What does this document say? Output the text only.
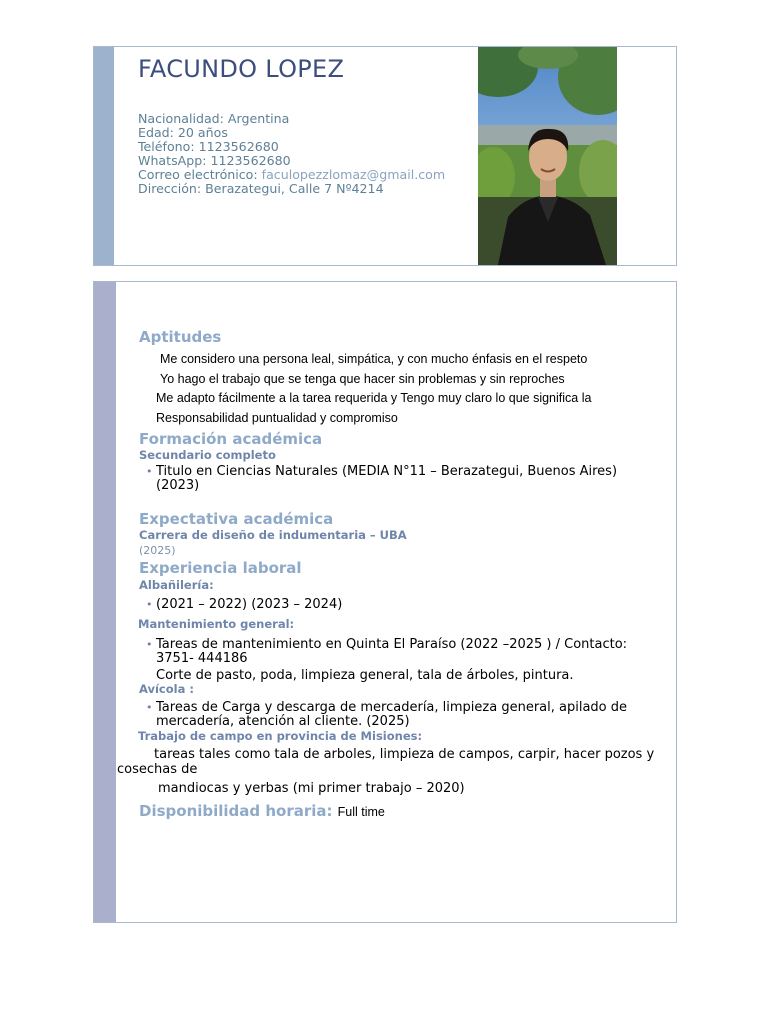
FACUNDO LOPEZ
Nacionalidad: Argentina
Edad: 20 años
Teléfono: 1123562680
WhatsApp: 1123562680
Correo electrónico: faculopezzlomaz@gmail.com
Dirección: Berazategui, Calle 7 Nº4214
Aptitudes
Me considero una persona leal, simpática, y con mucho énfasis en el respeto
Yo hago el trabajo que se tenga que hacer sin problemas y sin reproches
Me adapto fácilmente a la tarea requerida y Tengo muy claro lo que significa la
Responsabilidad puntualidad y compromiso
Formación académica
Secundario completo
• Titulo en Ciencias Naturales (MEDIA N°11 – Berazategui, Buenos Aires)
(2023)
Expectativa académica
Carrera de diseño de indumentaria – UBA
(2025)
Experiencia laboral
Albañilería:
• (2021 – 2022) (2023 – 2024)
Mantenimiento general:
• Tareas de mantenimiento en Quinta El Paraíso (2022 –2025 ) / Contacto:
3751- 444186
Corte de pasto, poda, limpieza general, tala de árboles, pintura.
Avícola :
• Tareas de Carga y descarga de mercadería, limpieza general, apilado de
mercadería, atención al cliente. (2025)
Trabajo de campo en provincia de Misiones:
tareas tales como tala de arboles, limpieza de campos, carpir, hacer pozos y
cosechas de
mandiocas y yerbas (mi primer trabajo – 2020)
Disponibilidad horaria: Full time
